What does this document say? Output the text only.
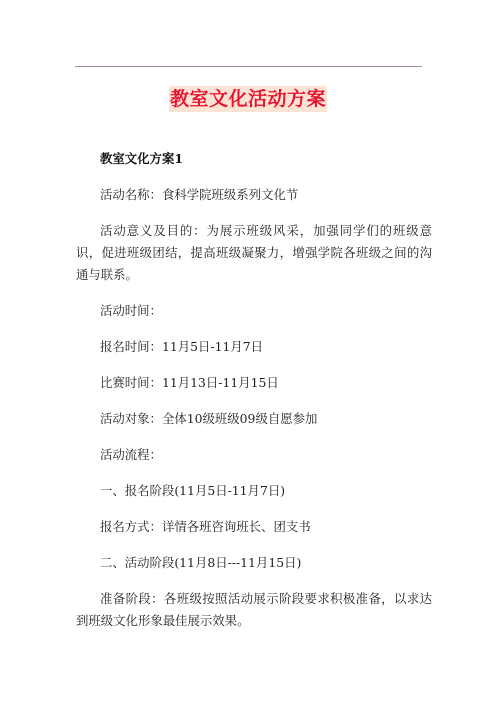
教室文化活动方案

教室文化方案1

活动名称：食科学院班级系列文化节

活动意义及目的：为展示班级风采，加强同学们的班级意识，促进班级团结，提高班级凝聚力，增强学院各班级之间的沟通与联系。

活动时间：

报名时间：11月5日-11月7日

比赛时间：11月13日-11月15日

活动对象：全体10级班级09级自愿参加

活动流程：

一、报名阶段(11月5日-11月7日)

报名方式：详情各班咨询班长、团支书

二、活动阶段(11月8日---11月15日)

准备阶段：各班级按照活动展示阶段要求积极准备，以求达到班级文化形象最佳展示效果。
